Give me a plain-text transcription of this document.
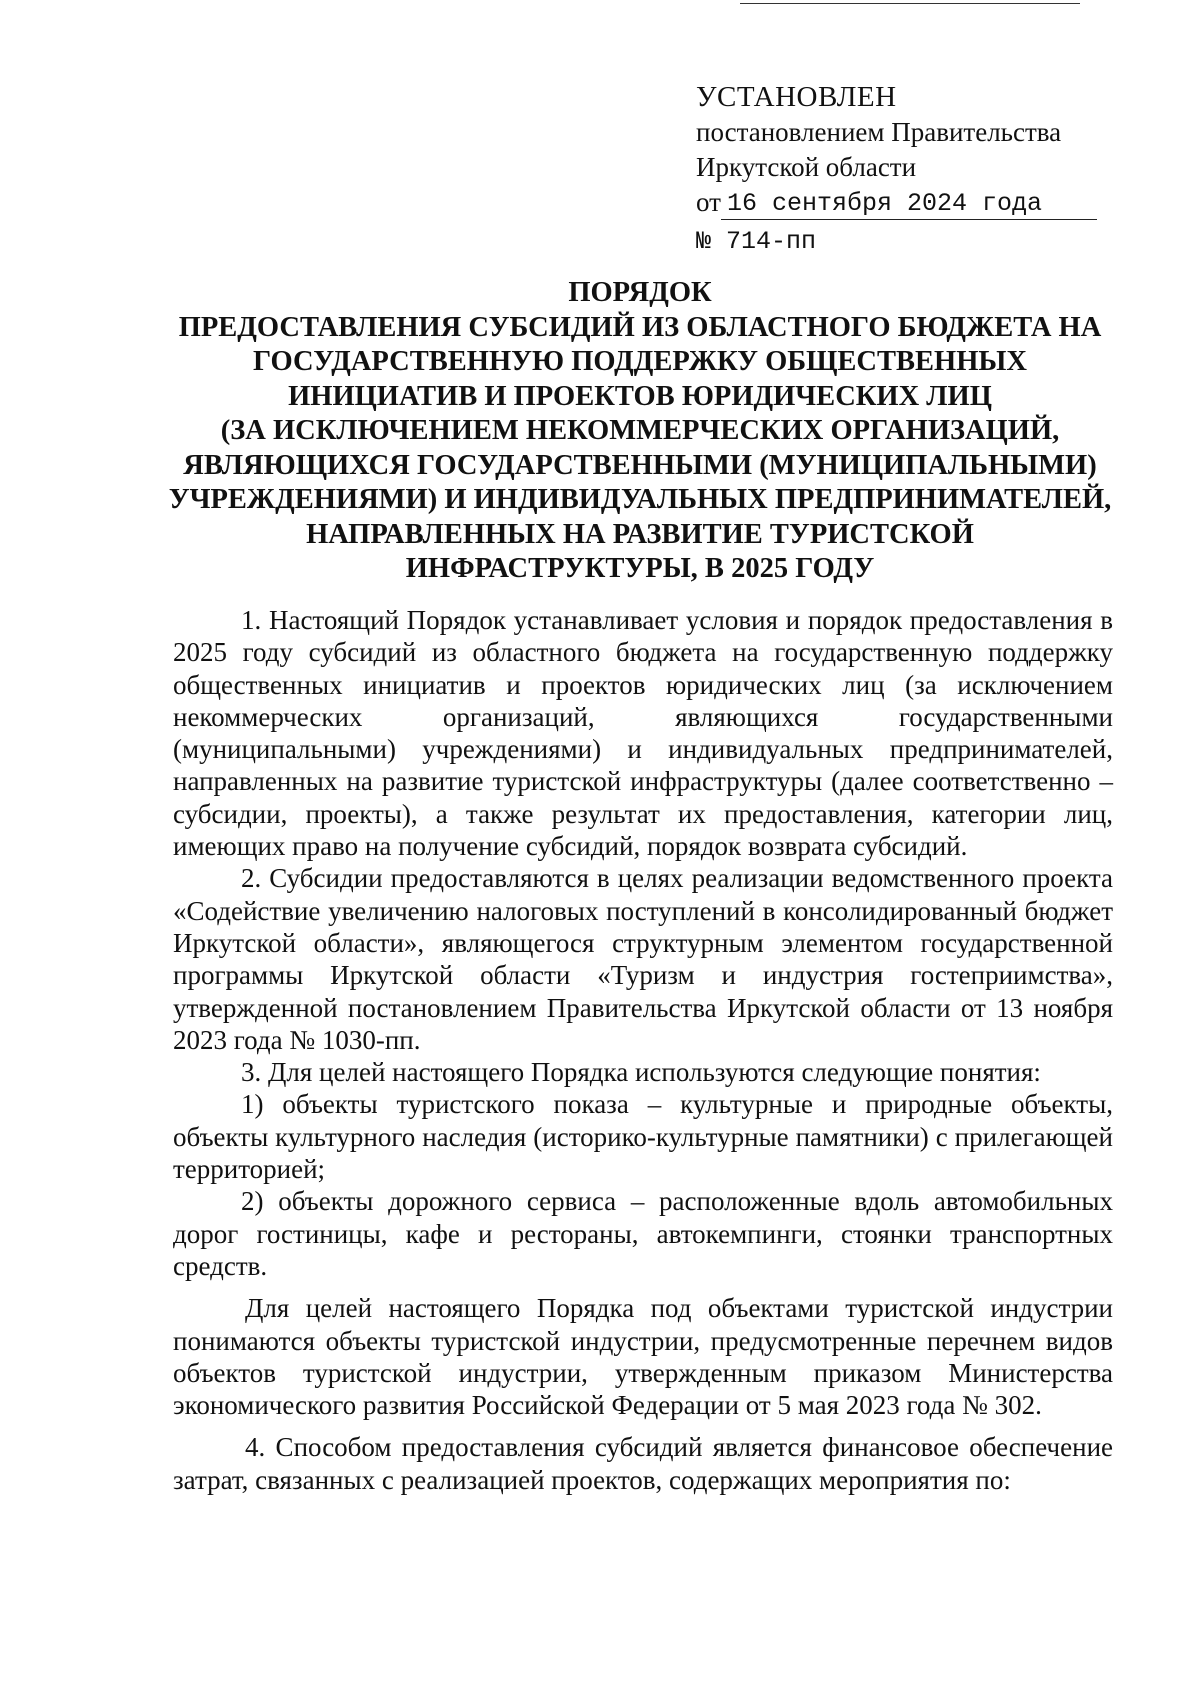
УСТАНОВЛЕН
постановлением Правительства
Иркутской области
от 16 сентября 2024 года
№ 714-пп
ПОРЯДОК
ПРЕДОСТАВЛЕНИЯ СУБСИДИЙ ИЗ ОБЛАСТНОГО БЮДЖЕТА НА
ГОСУДАРСТВЕННУЮ ПОДДЕРЖКУ ОБЩЕСТВЕННЫХ
ИНИЦИАТИВ И ПРОЕКТОВ ЮРИДИЧЕСКИХ ЛИЦ
(ЗА ИСКЛЮЧЕНИЕМ НЕКОММЕРЧЕСКИХ ОРГАНИЗАЦИЙ,
ЯВЛЯЮЩИХСЯ ГОСУДАРСТВЕННЫМИ (МУНИЦИПАЛЬНЫМИ)
УЧРЕЖДЕНИЯМИ) И ИНДИВИДУАЛЬНЫХ ПРЕДПРИНИМАТЕЛЕЙ,
НАПРАВЛЕННЫХ НА РАЗВИТИЕ ТУРИСТСКОЙ
ИНФРАСТРУКТУРЫ, В 2025 ГОДУ

1. Настоящий Порядок устанавливает условия и порядок предоставления в 2025 году субсидий из областного бюджета на государственную поддержку общественных инициатив и проектов юридических лиц (за исключением некоммерческих организаций, являющихся государственными (муниципальными) учреждениями) и индивидуальных предпринимателей, направленных на развитие туристской инфраструктуры (далее соответственно – субсидии, проекты), а также результат их предоставления, категории лиц, имеющих право на получение субсидий, порядок возврата субсидий.

2. Субсидии предоставляются в целях реализации ведомственного проекта «Содействие увеличению налоговых поступлений в консолидированный бюджет Иркутской области», являющегося структурным элементом государственной программы Иркутской области «Туризм и индустрия гостеприимства», утвержденной постановлением Правительства Иркутской области от 13 ноября 2023 года № 1030-пп.

3. Для целей настоящего Порядка используются следующие понятия:

1) объекты туристского показа – культурные и природные объекты, объекты культурного наследия (историко-культурные памятники) с прилегающей территорией;

2) объекты дорожного сервиса – расположенные вдоль автомобильных дорог гостиницы, кафе и рестораны, автокемпинги, стоянки транспортных средств.

Для целей настоящего Порядка под объектами туристской индустрии понимаются объекты туристской индустрии, предусмотренные перечнем видов объектов туристской индустрии, утвержденным приказом Министерства экономического развития Российской Федерации от 5 мая 2023 года № 302.

4. Способом предоставления субсидий является финансовое обеспечение затрат, связанных с реализацией проектов, содержащих мероприятия по:
